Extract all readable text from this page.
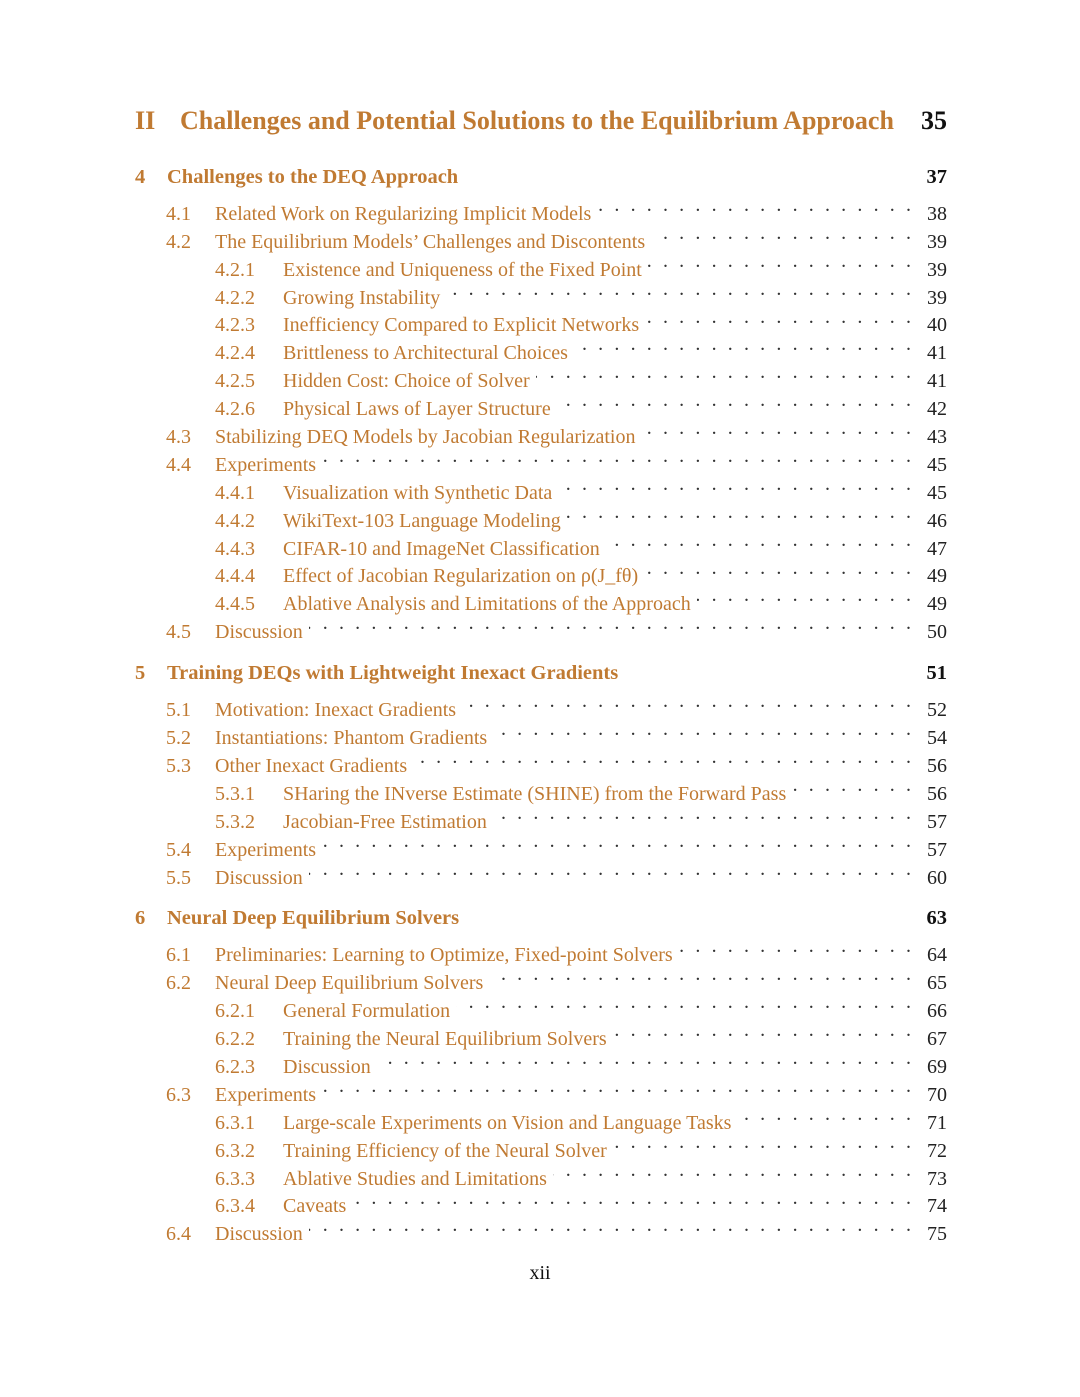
II Challenges and Potential Solutions to the Equilibrium Approach	35
4	Challenges to the DEQ Approach	37
4.1	Related Work on Regularizing Implicit Models . . .	38
4.2	The Equilibrium Models’ Challenges and Discontents . . .	39
4.2.1	Existence and Uniqueness of the Fixed Point . . .	39
4.2.2	Growing Instability . . .	39
4.2.3	Inefficiency Compared to Explicit Networks . . .	40
4.2.4	Brittleness to Architectural Choices . . .	41
4.2.5	Hidden Cost: Choice of Solver . . .	41
4.2.6	Physical Laws of Layer Structure . . .	42
4.3	Stabilizing DEQ Models by Jacobian Regularization . . .	43
4.4	Experiments . . .	45
4.4.1	Visualization with Synthetic Data . . .	45
4.4.2	WikiText-103 Language Modeling . . .	46
4.4.3	CIFAR-10 and ImageNet Classification . . .	47
4.4.4	Effect of Jacobian Regularization on ρ(J_fθ) . . .	49
4.4.5	Ablative Analysis and Limitations of the Approach . . .	49
4.5	Discussion . . .	50
5	Training DEQs with Lightweight Inexact Gradients	51
5.1	Motivation: Inexact Gradients . . .	52
5.2	Instantiations: Phantom Gradients . . .	54
5.3	Other Inexact Gradients . . .	56
5.3.1	SHaring the INverse Estimate (SHINE) from the Forward Pass . . .	56
5.3.2	Jacobian-Free Estimation . . .	57
5.4	Experiments . . .	57
5.5	Discussion . . .	60
6	Neural Deep Equilibrium Solvers	63
6.1	Preliminaries: Learning to Optimize, Fixed-point Solvers . . .	64
6.2	Neural Deep Equilibrium Solvers . . .	65
6.2.1	General Formulation . . .	66
6.2.2	Training the Neural Equilibrium Solvers . . .	67
6.2.3	Discussion . . .	69
6.3	Experiments . . .	70
6.3.1	Large-scale Experiments on Vision and Language Tasks . . .	71
6.3.2	Training Efficiency of the Neural Solver . . .	72
6.3.3	Ablative Studies and Limitations . . .	73
6.3.4	Caveats . . .	74
6.4	Discussion . . .	75
xii
